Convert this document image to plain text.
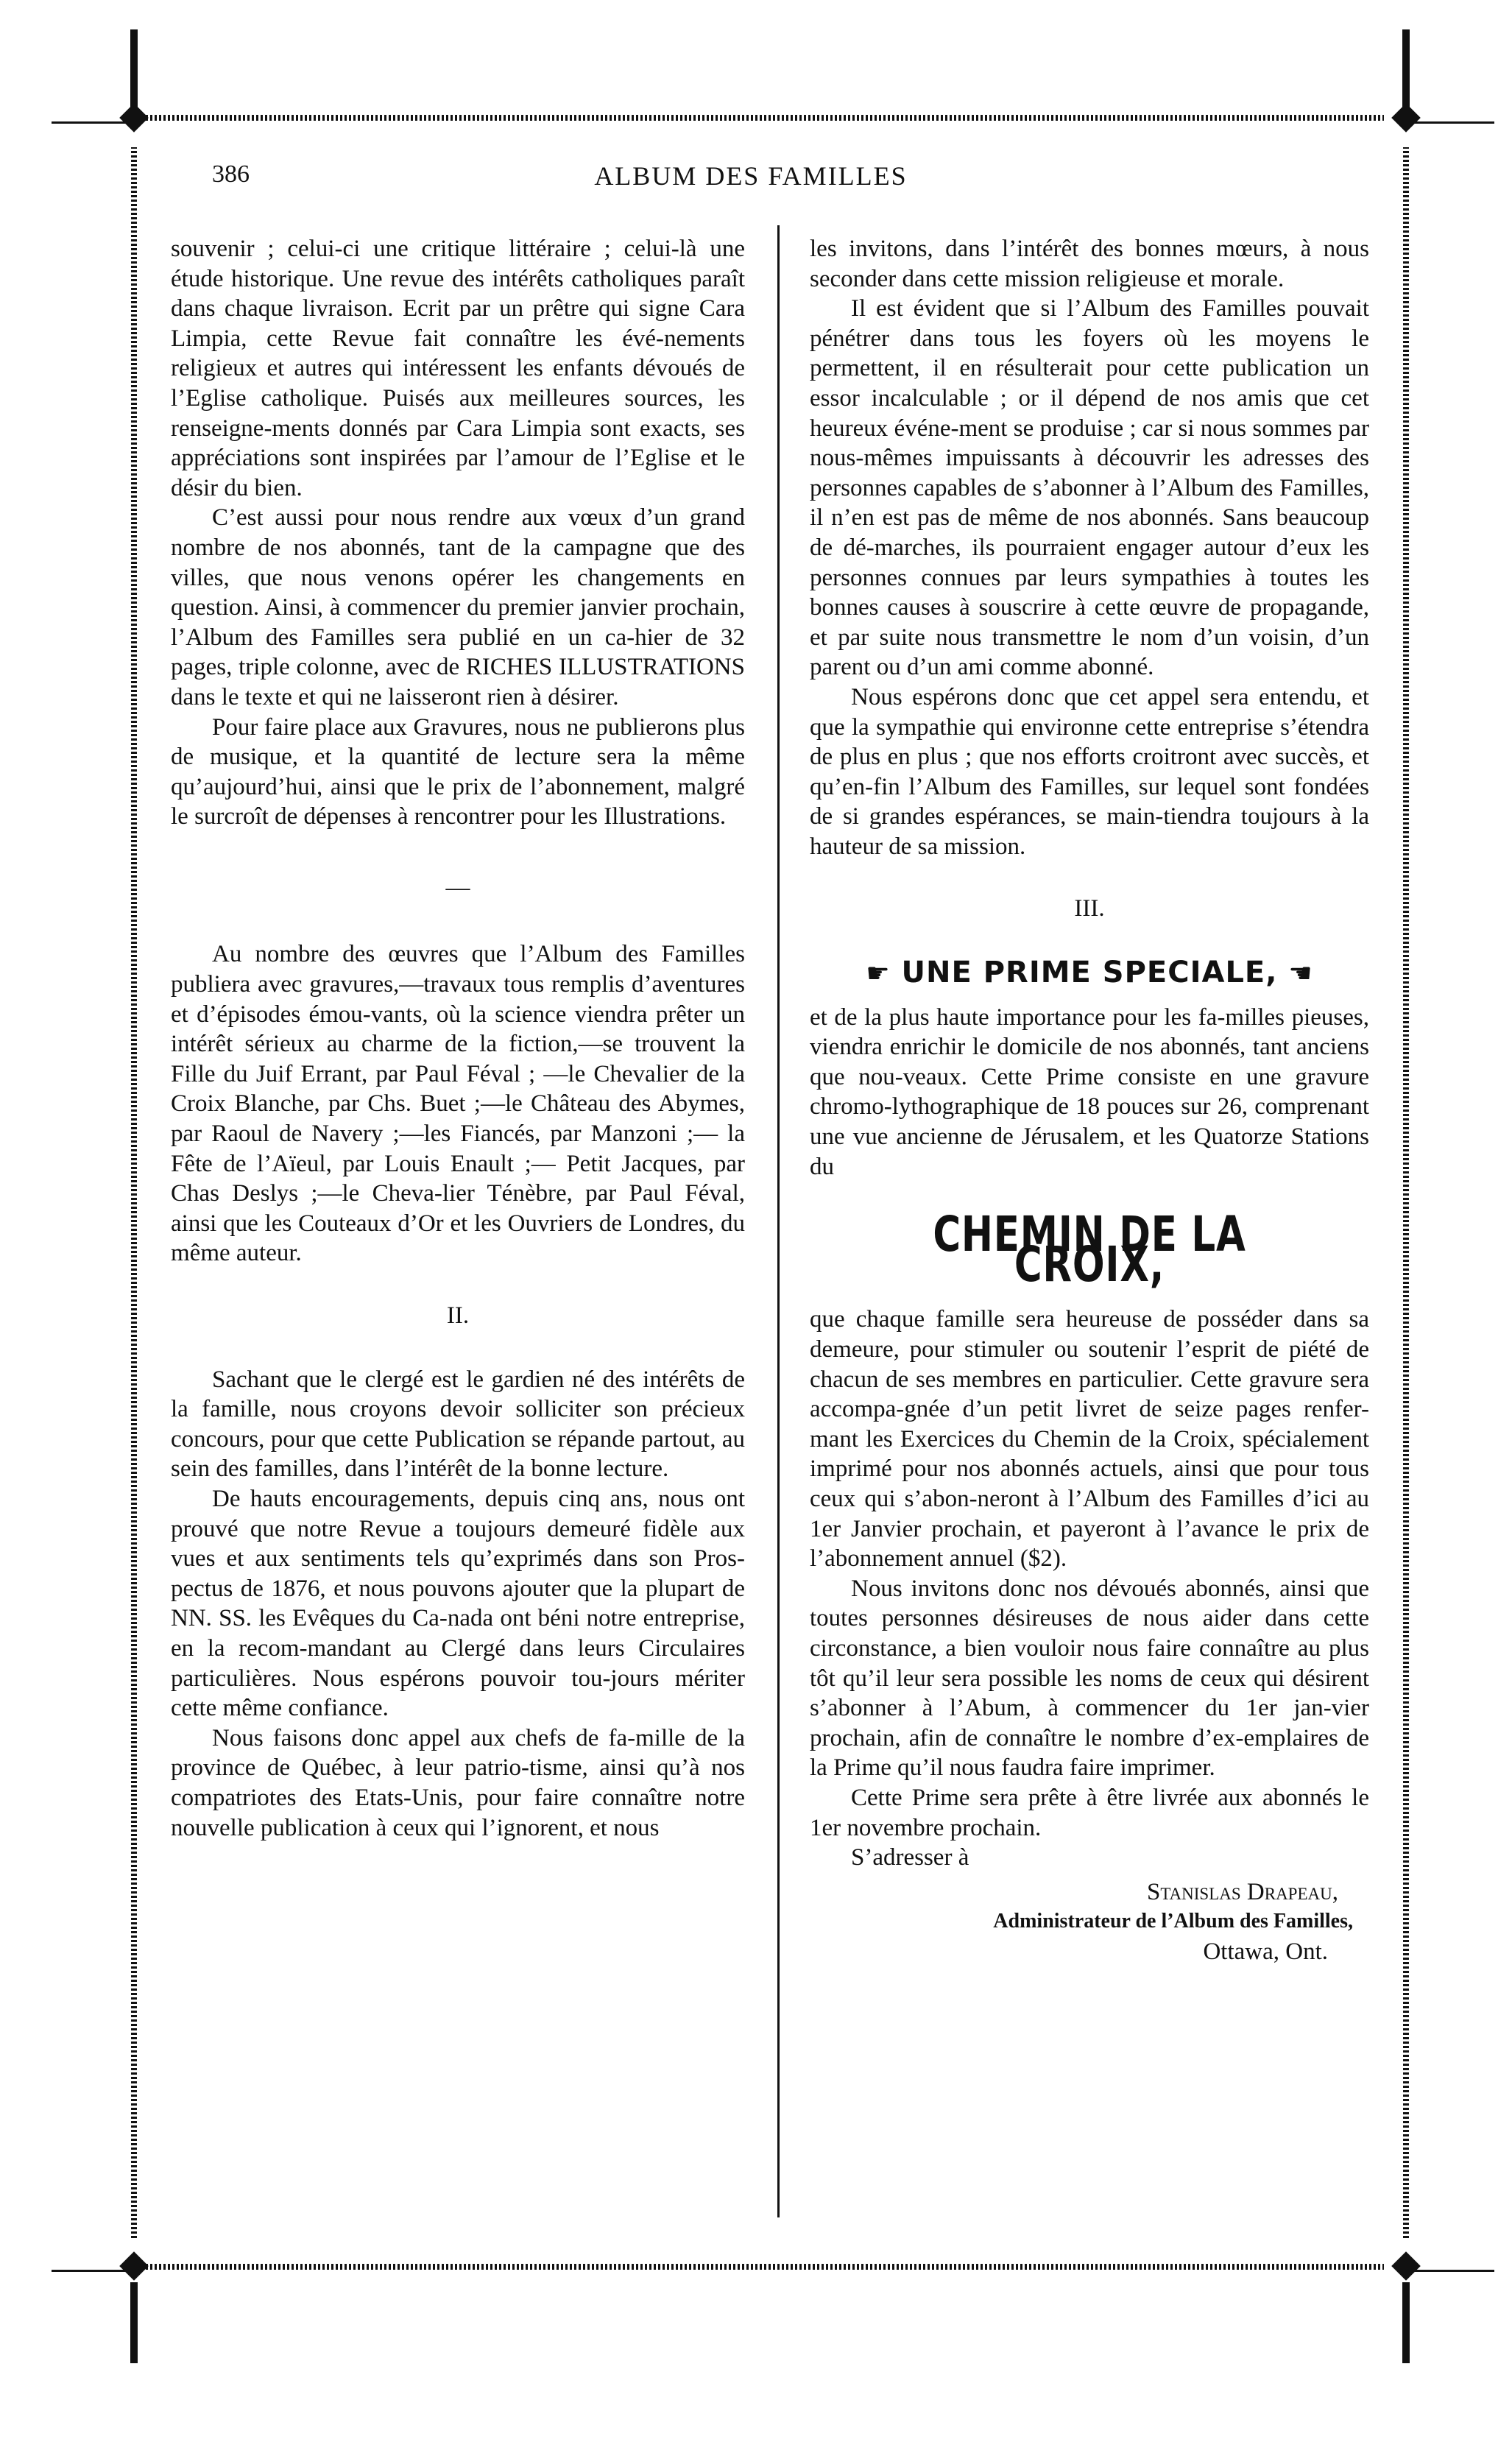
386	ALBUM DES FAMILLES

souvenir ; celui-ci une critique littéraire ; celui-là une étude historique. Une revue des intérêts catholiques paraît dans chaque livraison. Ecrit par un prêtre qui signe Cara Limpia, cette Revue fait connaître les évé-nements religieux et autres qui intéressent les enfants dévoués de l’Eglise catholique. Puisés aux meilleures sources, les renseigne-ments donnés par Cara Limpia sont exacts, ses appréciations sont inspirées par l’amour de l’Eglise et le désir du bien.

C’est aussi pour nous rendre aux vœux d’un grand nombre de nos abonnés, tant de la campagne que des villes, que nous venons opérer les changements en question. Ainsi, à commencer du premier janvier prochain, l’Album des Familles sera publié en un ca-hier de 32 pages, triple colonne, avec de RICHES ILLUSTRATIONS dans le texte et qui ne laisseront rien à désirer.

Pour faire place aux Gravures, nous ne publierons plus de musique, et la quantité de lecture sera la même qu’aujourd’hui, ainsi que le prix de l’abonnement, malgré le surcroît de dépenses à rencontrer pour les Illustrations.

—

Au nombre des œuvres que l’Album des Familles publiera avec gravures,—travaux tous remplis d’aventures et d’épisodes émou-vants, où la science viendra prêter un intérêt sérieux au charme de la fiction,—se trouvent la Fille du Juif Errant, par Paul Féval ; —le Chevalier de la Croix Blanche, par Chs. Buet ;—le Château des Abymes, par Raoul de Navery ;—les Fiancés, par Manzoni ;— la Fête de l’Aïeul, par Louis Enault ;— Petit Jacques, par Chas Deslys ;—le Cheva-lier Ténèbre, par Paul Féval, ainsi que les Couteaux d’Or et les Ouvriers de Londres, du même auteur.

II.

Sachant que le clergé est le gardien né des intérêts de la famille, nous croyons devoir solliciter son précieux concours, pour que cette Publication se répande partout, au sein des familles, dans l’intérêt de la bonne lecture.

De hauts encouragements, depuis cinq ans, nous ont prouvé que notre Revue a toujours demeuré fidèle aux vues et aux sentiments tels qu’exprimés dans son Pros-pectus de 1876, et nous pouvons ajouter que la plupart de NN. SS. les Evêques du Ca-nada ont béni notre entreprise, en la recom-mandant au Clergé dans leurs Circulaires particulières. Nous espérons pouvoir tou-jours mériter cette même confiance.

Nous faisons donc appel aux chefs de fa-mille de la province de Québec, à leur patrio-tisme, ainsi qu’à nos compatriotes des Etats-Unis, pour faire connaître notre nouvelle publication à ceux qui l’ignorent, et nous

les invitons, dans l’intérêt des bonnes mœurs, à nous seconder dans cette mission religieuse et morale.

Il est évident que si l’Album des Familles pouvait pénétrer dans tous les foyers où les moyens le permettent, il en résulterait pour cette publication un essor incalculable ; or il dépend de nos amis que cet heureux événe-ment se produise ; car si nous sommes par nous-mêmes impuissants à découvrir les adresses des personnes capables de s’abonner à l’Album des Familles, il n’en est pas de même de nos abonnés. Sans beaucoup de dé-marches, ils pourraient engager autour d’eux les personnes connues par leurs sympathies à toutes les bonnes causes à souscrire à cette œuvre de propagande, et par suite nous transmettre le nom d’un voisin, d’un parent ou d’un ami comme abonné.

Nous espérons donc que cet appel sera entendu, et que la sympathie qui environne cette entreprise s’étendra de plus en plus ; que nos efforts croitront avec succès, et qu’en-fin l’Album des Familles, sur lequel sont fondées de si grandes espérances, se main-tiendra toujours à la hauteur de sa mission.

III.

☛ UNE PRIME SPECIALE, ☚

et de la plus haute importance pour les fa-milles pieuses, viendra enrichir le domicile de nos abonnés, tant anciens que nou-veaux. Cette Prime consiste en une gravure chromo-lythographique de 18 pouces sur 26, comprenant une vue ancienne de Jérusalem, et les Quatorze Stations du

CHEMIN DE LA CROIX,

que chaque famille sera heureuse de posséder dans sa demeure, pour stimuler ou soutenir l’esprit de piété de chacun de ses membres en particulier. Cette gravure sera accompa-gnée d’un petit livret de seize pages renfer-mant les Exercices du Chemin de la Croix, spécialement imprimé pour nos abonnés actuels, ainsi que pour tous ceux qui s’abon-neront à l’Album des Familles d’ici au 1er Janvier prochain, et payeront à l’avance le prix de l’abonnement annuel ($2).

Nous invitons donc nos dévoués abonnés, ainsi que toutes personnes désireuses de nous aider dans cette circonstance, a bien vouloir nous faire connaître au plus tôt qu’il leur sera possible les noms de ceux qui désirent s’abonner à l’Abum, à commencer du 1er jan-vier prochain, afin de connaître le nombre d’ex-emplaires de la Prime qu’il nous faudra faire imprimer.

Cette Prime sera prête à être livrée aux abonnés le 1er novembre prochain.

S’adresser à

Stanislas Drapeau,

Administrateur de l’Album des Familles,

Ottawa, Ont.
